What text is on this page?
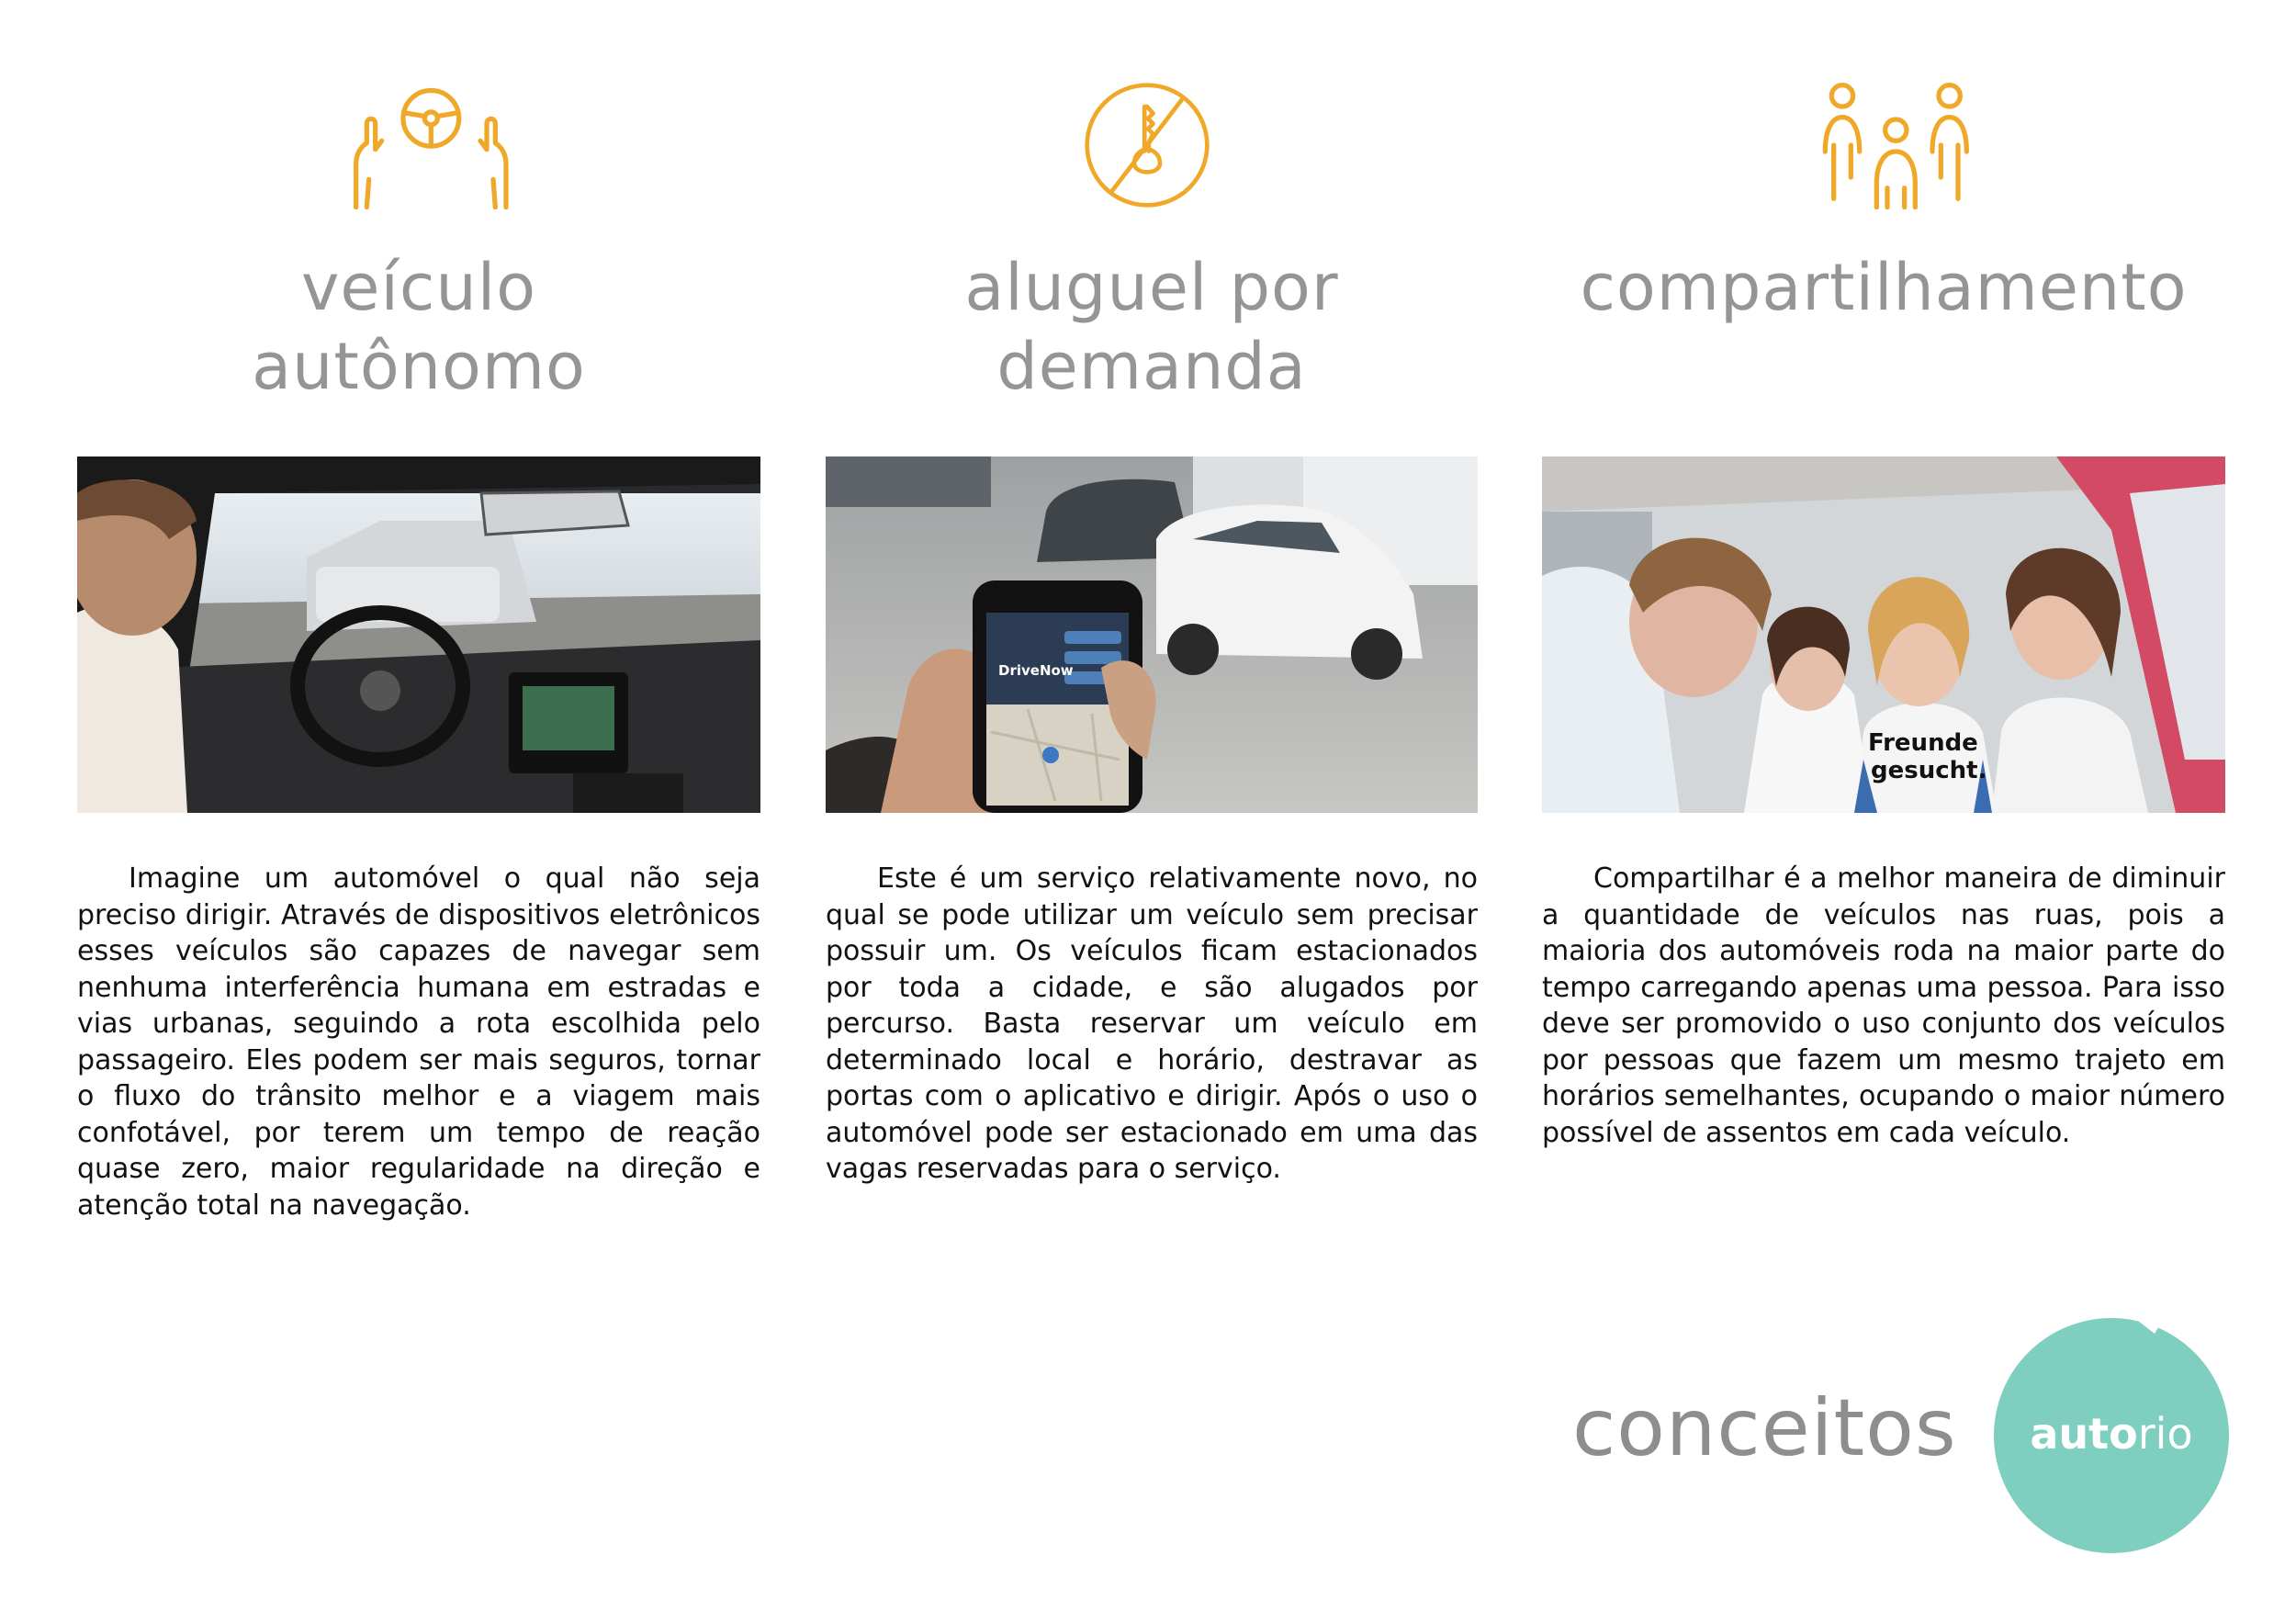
veículo
autônomo

Imagine um automóvel o qual não seja preciso dirigir. Através de dispositivos eletrônicos esses veículos são capazes de navegar sem nenhuma interferência humana em estradas e vias urbanas, seguindo a rota escolhida pelo passageiro. Eles podem ser mais seguros, tornar o fluxo do trânsito melhor e a viagem mais confotável, por terem um tempo de reação quase zero, maior regularidade na direção e atenção total na navegação.

aluguel por
demanda
DriveNow

Este é um serviço relativamente novo, no qual se pode utilizar um veículo sem precisar possuir um. Os veículos ficam estacionados por toda a cidade, e são alugados por percurso. Basta reservar um veículo em determinado local e horário, destravar as portas com o aplicativo e dirigir. Após o uso o automóvel pode ser estacionado em uma das vagas reservadas para o serviço.

compartilhamento
Freunde
gesucht.

Compartilhar é a melhor maneira de diminuir a quantidade de veículos nas ruas, pois a maioria dos automóveis roda na maior parte do tempo carregando apenas uma pessoa. Para isso deve ser promovido o uso conjunto dos veículos por pessoas que fazem um mesmo trajeto em horários semelhantes, ocupando o maior número possível de assentos em cada veículo.

conceitos	autorio
